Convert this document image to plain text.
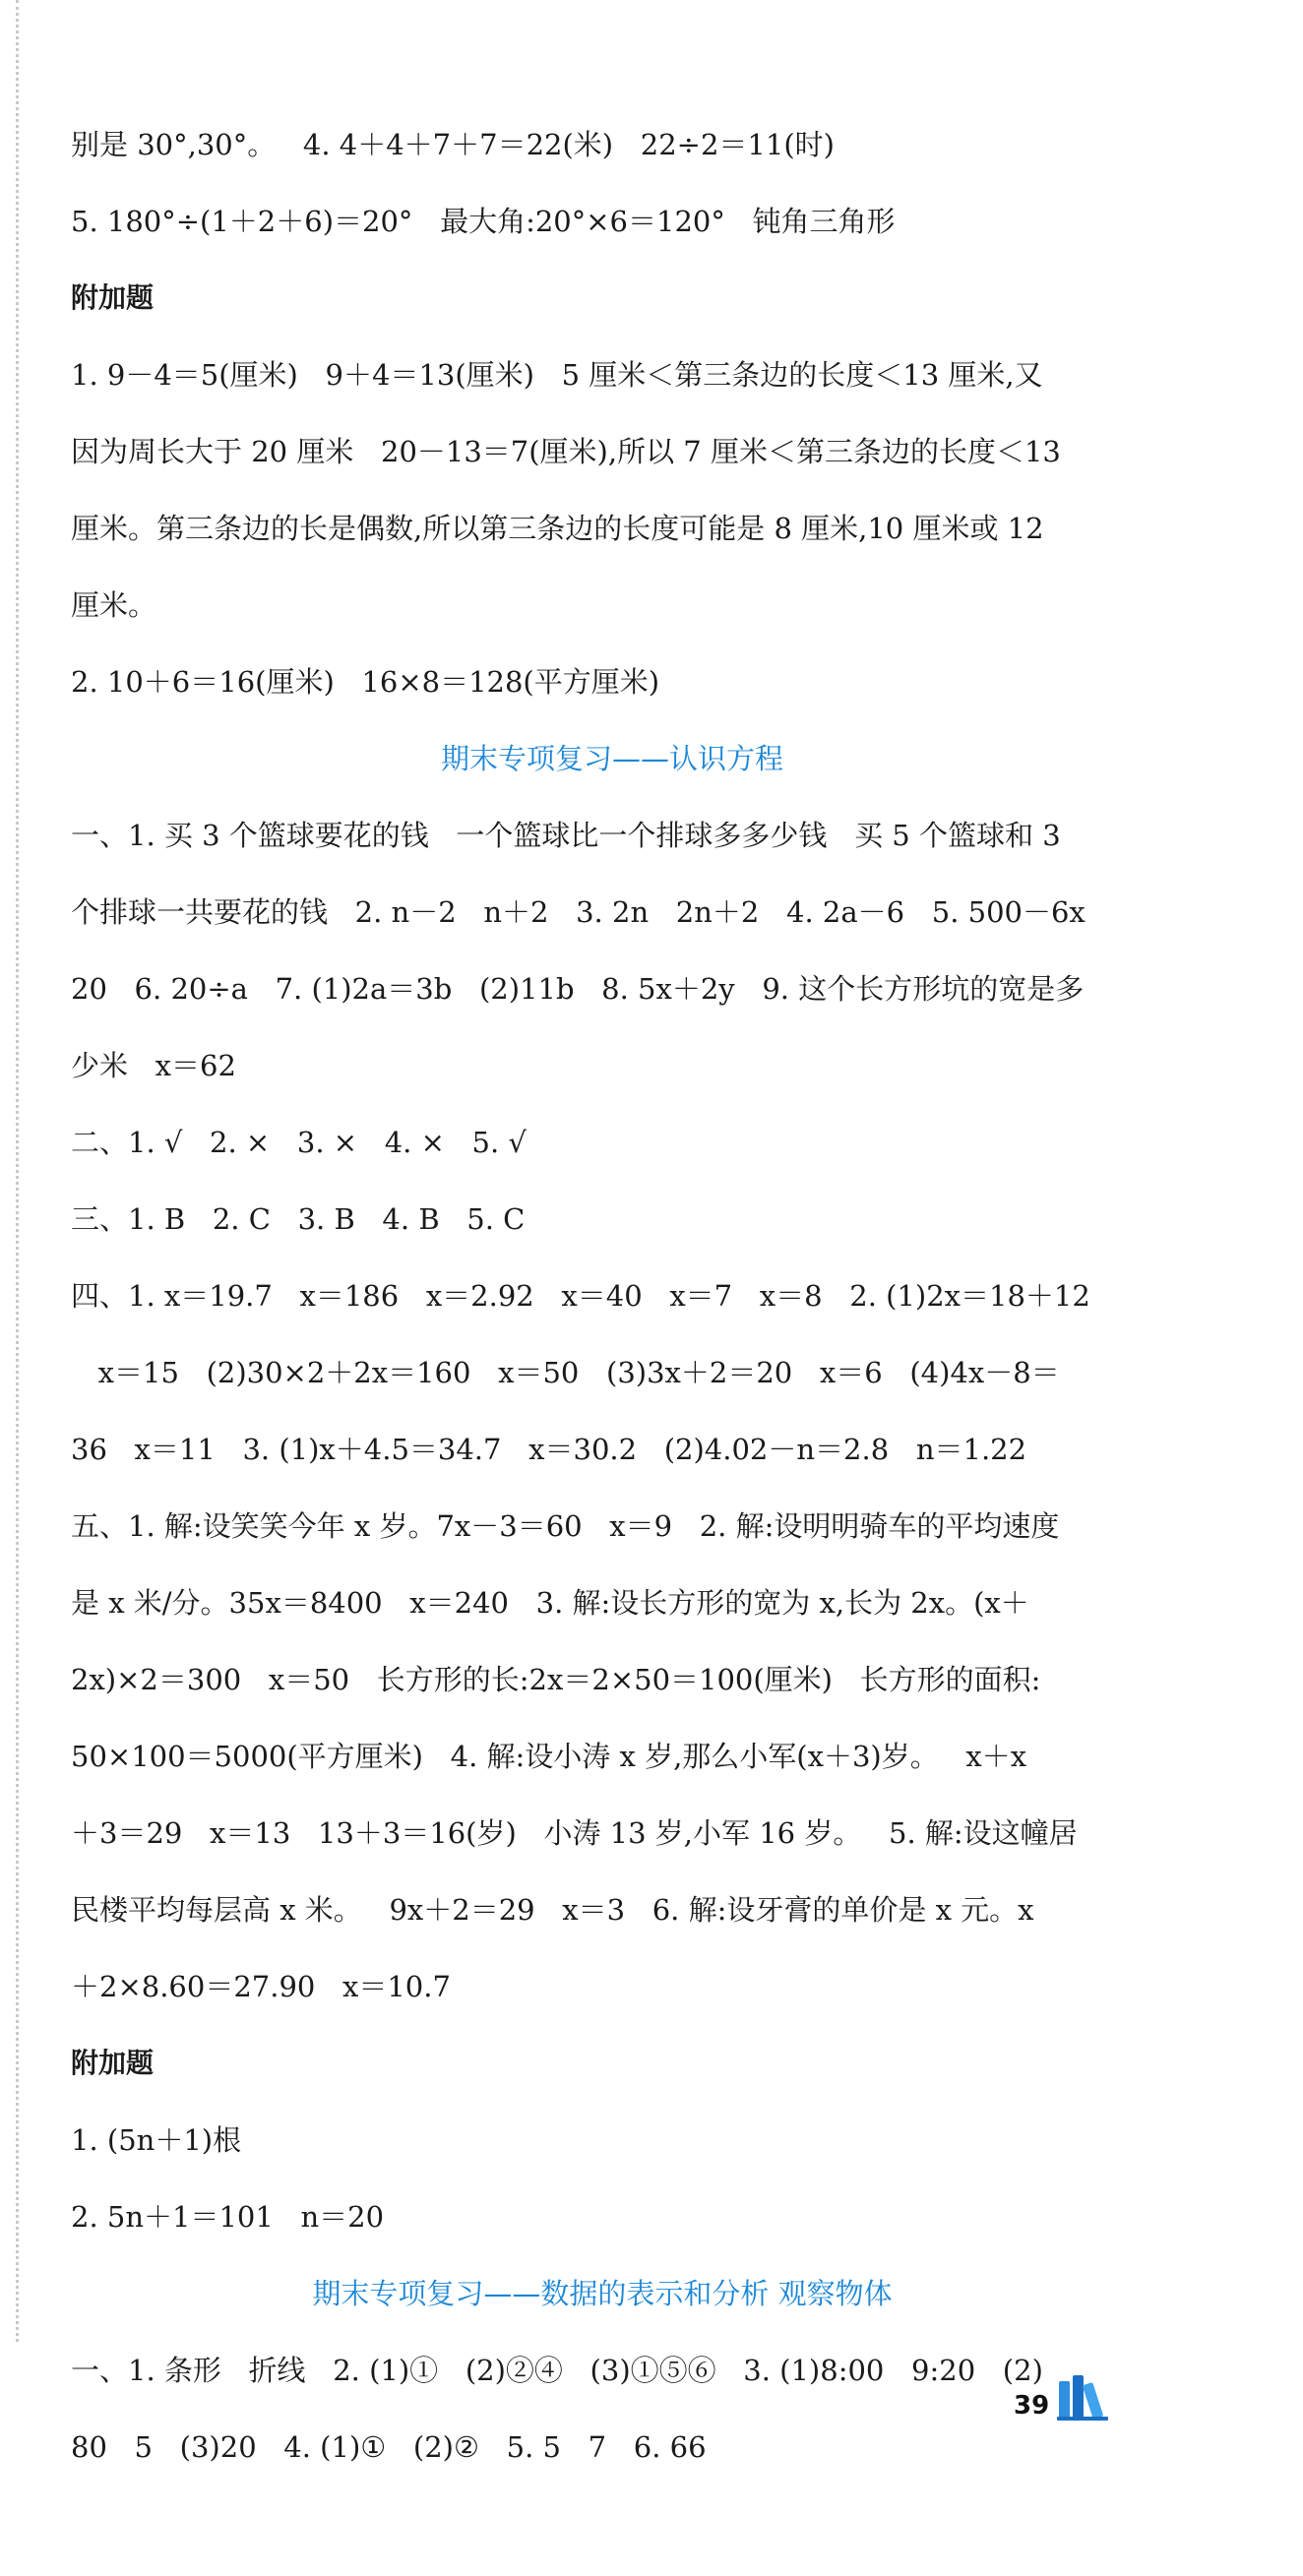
别是 30°,30°。   4. 4＋4＋7＋7＝22(米)   22÷2＝11(时)
5. 180°÷(1＋2＋6)＝20°   最大角:20°×6＝120°   钝角三角形
附加题
1. 9－4＝5(厘米)   9＋4＝13(厘米)   5 厘米＜第三条边的长度＜13 厘米,又
因为周长大于 20 厘米   20－13＝7(厘米),所以 7 厘米＜第三条边的长度＜13
厘米。第三条边的长是偶数,所以第三条边的长度可能是 8 厘米,10 厘米或 12
厘米。
2. 10＋6＝16(厘米)   16×8＝128(平方厘米)
期末专项复习——认识方程
一、1. 买 3 个篮球要花的钱   一个篮球比一个排球多多少钱   买 5 个篮球和 3
个排球一共要花的钱   2. n－2   n＋2   3. 2n   2n＋2   4. 2a－6   5. 500－6x
20   6. 20÷a   7. (1)2a＝3b   (2)11b   8. 5x＋2y   9. 这个长方形坑的宽是多
少米   x＝62
二、1. √   2. ×   3. ×   4. ×   5. √
三、1. B   2. C   3. B   4. B   5. C
四、1. x＝19.7   x＝186   x＝2.92   x＝40   x＝7   x＝8   2. (1)2x＝18＋12
x＝15   (2)30×2＋2x＝160   x＝50   (3)3x＋2＝20   x＝6   (4)4x－8＝
36   x＝11   3. (1)x＋4.5＝34.7   x＝30.2   (2)4.02－n＝2.8   n＝1.22
五、1. 解:设笑笑今年 x 岁。7x－3＝60   x＝9   2. 解:设明明骑车的平均速度
是 x 米/分。35x＝8400   x＝240   3. 解:设长方形的宽为 x,长为 2x。(x＋
2x)×2＝300   x＝50   长方形的长:2x＝2×50＝100(厘米)   长方形的面积:
50×100＝5000(平方厘米)   4. 解:设小涛 x 岁,那么小军(x＋3)岁。   x＋x
＋3＝29   x＝13   13＋3＝16(岁)   小涛 13 岁,小军 16 岁。   5. 解:设这幢居
民楼平均每层高 x 米。   9x＋2＝29   x＝3   6. 解:设牙膏的单价是 x 元。x
＋2×8.60＝27.90   x＝10.7
附加题
1. (5n＋1)根
2. 5n＋1＝101   n＝20
期末专项复习——数据的表示和分析 观察物体
一、1. 条形   折线   2. (1)①   (2)②④   (3)①⑤⑥   3. (1)8:00   9:20   (2)
80   5   (3)20   4. (1)①   (2)②   5. 5   7   6. 66
39
